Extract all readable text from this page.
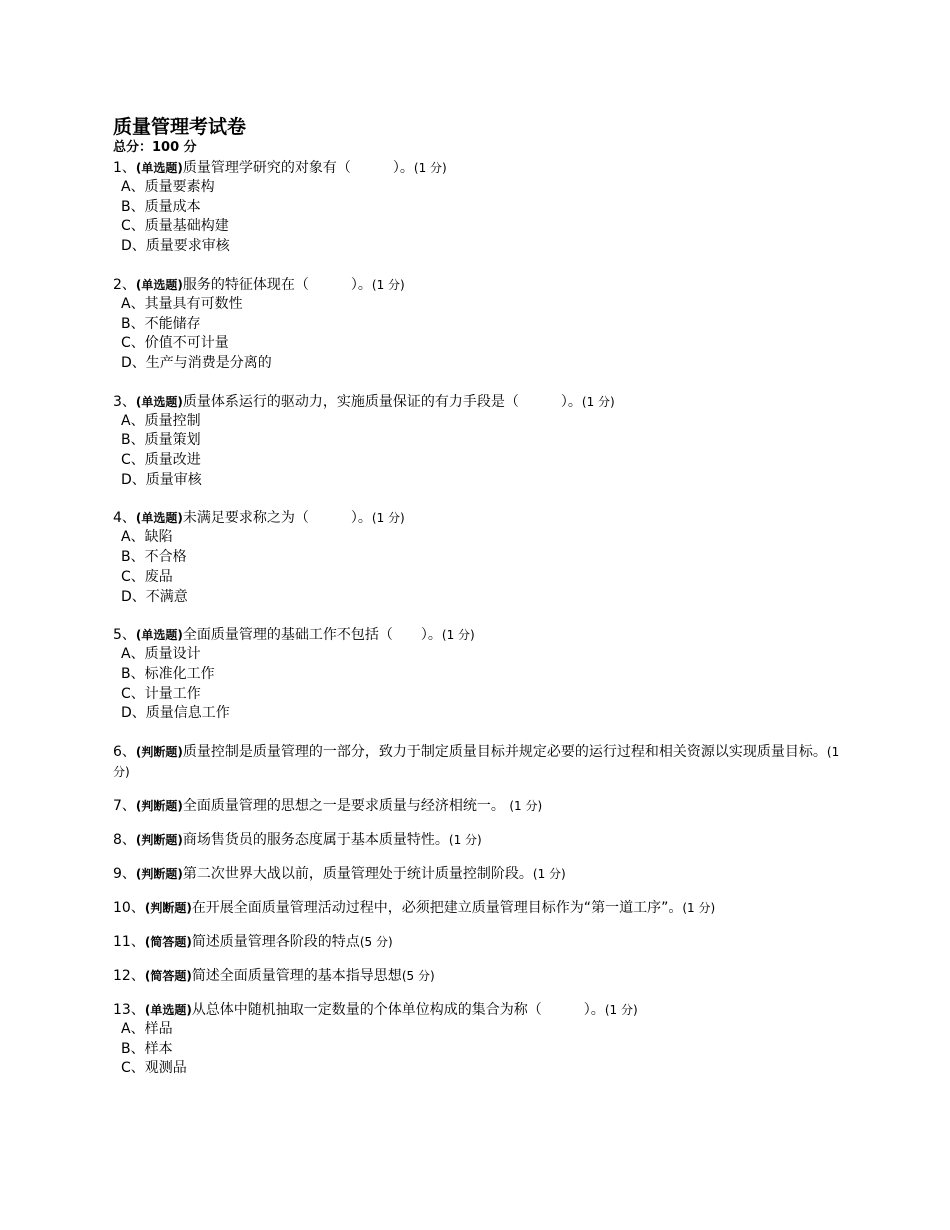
质量管理考试卷

总分：100 分

1、(单选题)质量管理学研究的对象有（　　　）。(1 分)
A、质量要素构
B、质量成本
C、质量基础构建
D、质量要求审核
2、(单选题)服务的特征体现在（　　　）。(1 分)
A、其量具有可数性
B、不能储存
C、价值不可计量
D、生产与消费是分离的
3、(单选题)质量体系运行的驱动力，实施质量保证的有力手段是（　　　）。(1 分)
A、质量控制
B、质量策划
C、质量改进
D、质量审核
4、(单选题)未满足要求称之为（　　　）。(1 分)
A、缺陷
B、不合格
C、废品
D、不满意
5、(单选题)全面质量管理的基础工作不包括（　　）。(1 分)
A、质量设计
B、标准化工作
C、计量工作
D、质量信息工作
6、(判断题)质量控制是质量管理的一部分，致力于制定质量目标并规定必要的运行过程和相关资源以实现质量目标。(1 分)
7、(判断题)全面质量管理的思想之一是要求质量与经济相统一。 (1 分)
8、(判断题)商场售货员的服务态度属于基本质量特性。(1 分)
9、(判断题)第二次世界大战以前，质量管理处于统计质量控制阶段。(1 分)
10、(判断题)在开展全面质量管理活动过程中，必须把建立质量管理目标作为“第一道工序”。(1 分)
11、(简答题)简述质量管理各阶段的特点(5 分)
12、(简答题)简述全面质量管理的基本指导思想(5 分)
13、(单选题)从总体中随机抽取一定数量的个体单位构成的集合为称（　　　）。(1 分)
A、样品
B、样本
C、观测品
